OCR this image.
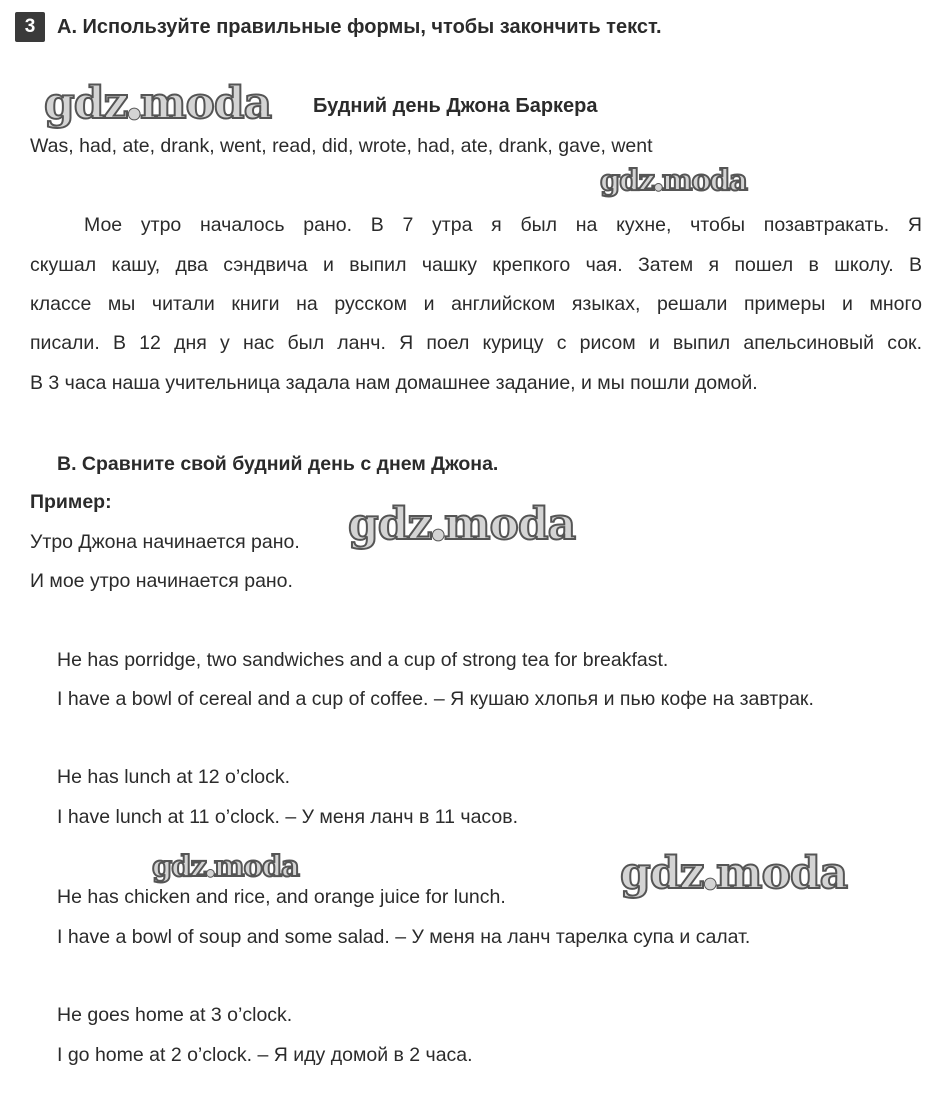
3	A. Используйте правильные формы, чтобы закончить текст.
Будний день Джона Баркера
Was, had, ate, drank, went, read, did, wrote, had, ate, drank, gave, went
Мое утро началось рано. В 7 утра я был на кухне, чтобы позавтракать. Я
скушал кашу, два сэндвича и выпил чашку крепкого чая. Затем я пошел в школу. В
классе мы читали книги на русском и английском языках, решали примеры и много
писали. В 12 дня у нас был ланч. Я поел курицу с рисом и выпил апельсиновый сок.
В 3 часа наша учительница задала нам домашнее задание, и мы пошли домой.
B. Сравните свой будний день с днем Джона.
Пример:
Утро Джона начинается рано.
И мое утро начинается рано.
He has porridge, two sandwiches and a cup of strong tea for breakfast.
I have a bowl of cereal and a cup of coffee. – Я кушаю хлопья и пью кофе на завтрак.
He has lunch at 12 o’clock.
I have lunch at 11 o’clock. – У меня ланч в 11 часов.
He has chicken and rice, and orange juice for lunch.
I have a bowl of soup and some salad. – У меня на ланч тарелка супа и салат.
He goes home at 3 o’clock.
I go home at 2 o’clock. – Я иду домой в 2 часа.
gdz●moda
gdz●moda
gdz●moda
gdz●moda	gdz●moda
